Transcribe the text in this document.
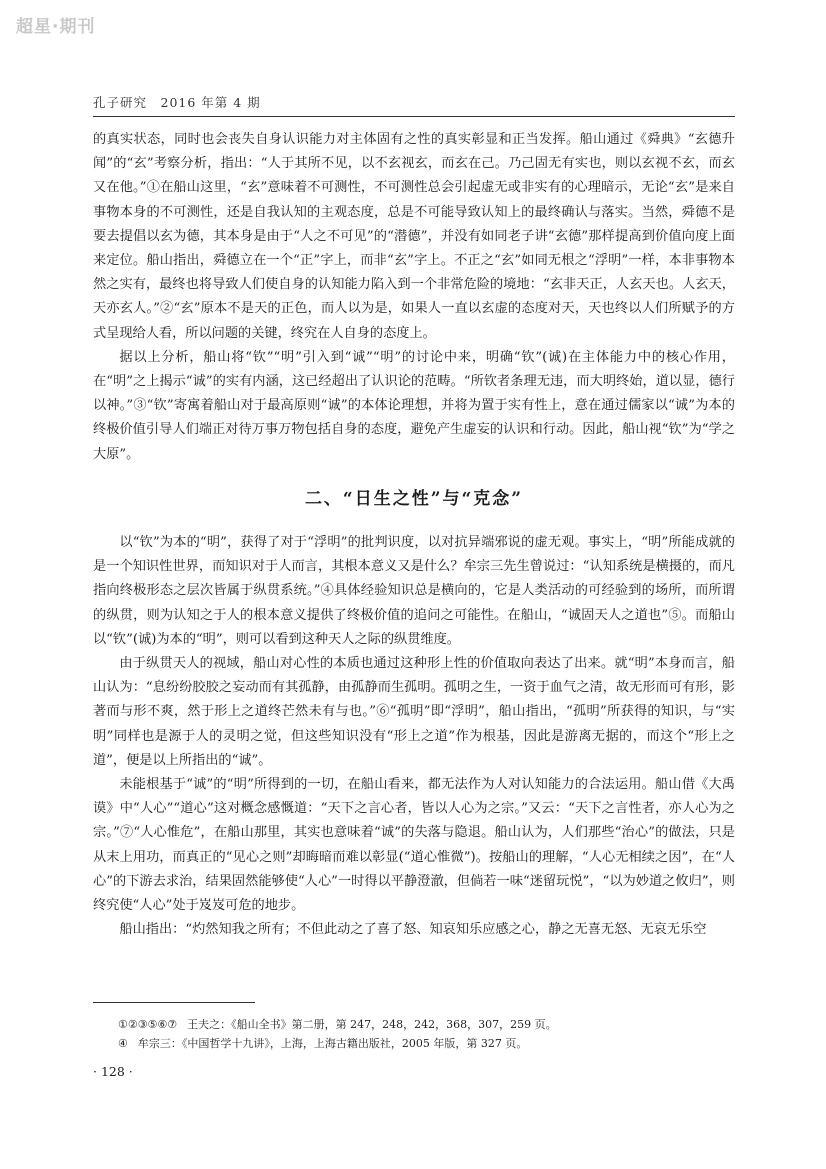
超星·期刊
孔子研究　2016 年第 4 期

的真实状态，同时也会丧失自身认识能力对主体固有之性的真实彰显和正当发挥。船山通过《舜典》“玄德升闻”的“玄”考察分析，指出：“人于其所不见，以不玄视玄，而玄在己。乃己固无有实也，则以玄视不玄，而玄又在他。”①在船山这里，“玄”意味着不可测性，不可测性总会引起虚无或非实有的心理暗示，无论“玄”是来自事物本身的不可测性，还是自我认知的主观态度，总是不可能导致认知上的最终确认与落实。当然，舜德不是要去提倡以玄为德，其本身是由于“人之不可见”的“潜德”，并没有如同老子讲“玄德”那样提高到价值向度上面来定位。船山指出，舜德立在一个“正”字上，而非“玄”字上。不正之“玄”如同无根之“浮明”一样，本非事物本然之实有，最终也将导致人们使自身的认知能力陷入到一个非常危险的境地：“玄非天正，人玄天也。人玄天，天亦玄人。”②“玄”原本不是天的正色，而人以为是，如果人一直以玄虚的态度对天，天也终以人们所赋予的方式呈现给人看，所以问题的关键，终究在人自身的态度上。

据以上分析，船山将“钦”“明”引入到“诚”“明”的讨论中来，明确“钦”(诚)在主体能力中的核心作用，在“明”之上揭示“诚”的实有内涵，这已经超出了认识论的范畴。“所钦者条理无违，而大明终始，道以显，德行以神。”③“钦”寄寓着船山对于最高原则“诚”的本体论理想，并将为置于实有性上，意在通过儒家以“诚”为本的终极价值引导人们端正对待万事万物包括自身的态度，避免产生虚妄的认识和行动。因此，船山视“钦”为“学之大原”。

二、“日生之性”与“克念”

以“钦”为本的“明”，获得了对于“浮明”的批判识度，以对抗异端邪说的虚无观。事实上，“明”所能成就的是一个知识性世界，而知识对于人而言，其根本意义又是什么？牟宗三先生曾说过：“认知系统是横摄的，而凡指向终极形态之层次皆属于纵贯系统。”④具体经验知识总是横向的，它是人类活动的可经验到的场所，而所谓的纵贯，则为认知之于人的根本意义提供了终极价值的追问之可能性。在船山，“诚固天人之道也”⑤。而船山以“钦”(诚)为本的“明”，则可以看到这种天人之际的纵贯维度。

由于纵贯天人的视域，船山对心性的本质也通过这种形上性的价值取向表达了出来。就“明”本身而言，船山认为：“息纷纷胶胶之妄动而有其孤静，由孤静而生孤明。孤明之生，一资于血气之清，故无形而可有形，影著而与形不爽，然于形上之道终芒然未有与也。”⑥“孤明”即“浮明”，船山指出，“孤明”所获得的知识，与“实明”同样也是源于人的灵明之觉，但这些知识没有“形上之道”作为根基，因此是游离无据的，而这个“形上之道”，便是以上所指出的“诚”。

未能根基于“诚”的“明”所得到的一切，在船山看来，都无法作为人对认知能力的合法运用。船山借《大禹谟》中“人心”“道心”这对概念感慨道：“天下之言心者，皆以人心为之宗。”又云：“天下之言性者，亦人心为之宗。”⑦“人心惟危”，在船山那里，其实也意味着“诚”的失落与隐退。船山认为，人们那些“治心”的做法，只是从末上用功，而真正的“见心之则”却晦暗而难以彰显(“道心惟微”)。按船山的理解，“人心无相续之因”，在“人心”的下游去求治，结果固然能够使“人心”一时得以平静澄澈，但倘若一味“迷留玩悦”，“以为妙道之攸归”，则终究使“人心”处于岌岌可危的地步。

船山指出：“灼然知我之所有；不但此动之了喜了怒、知哀知乐应感之心，静之无喜无怒、无哀无乐空

①②③⑤⑥⑦ 王夫之：《船山全书》第二册，第 247，248，242，368，307，259 页。
④ 牟宗三：《中国哲学十九讲》，上海，上海古籍出版社，2005 年版，第 327 页。
· 128 ·
